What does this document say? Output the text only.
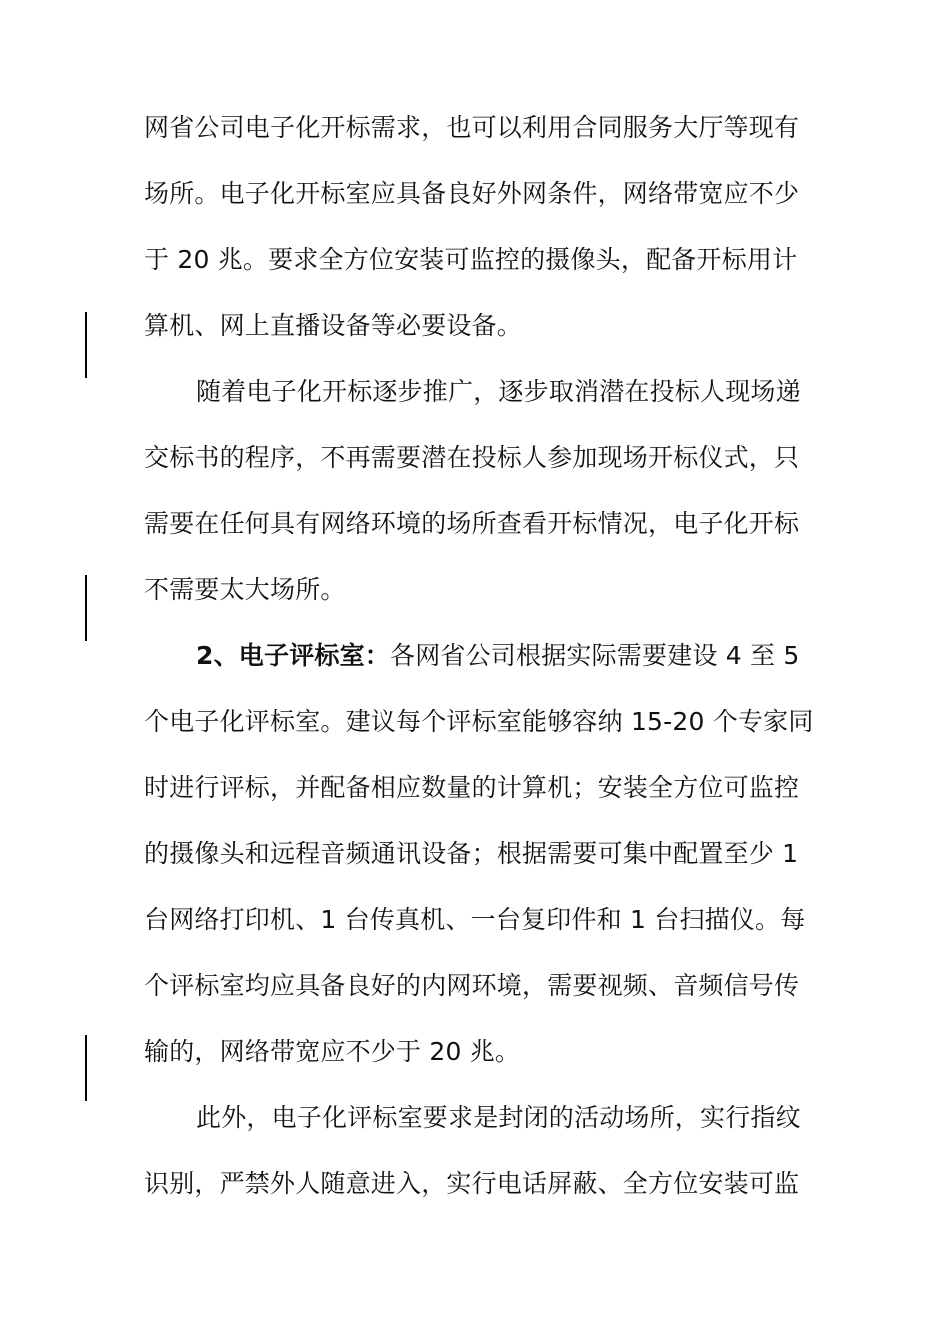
网省公司电子化开标需求，也可以利用合同服务大厅等现有
场所。电子化开标室应具备良好外网条件，网络带宽应不少
于 20 兆。要求全方位安装可监控的摄像头，配备开标用计
算机、网上直播设备等必要设备。
随着电子化开标逐步推广，逐步取消潜在投标人现场递
交标书的程序，不再需要潜在投标人参加现场开标仪式，只
需要在任何具有网络环境的场所查看开标情况，电子化开标
不需要太大场所。
2、电子评标室：各网省公司根据实际需要建设 4 至 5
个电子化评标室。建议每个评标室能够容纳 15-20 个专家同
时进行评标，并配备相应数量的计算机；安装全方位可监控
的摄像头和远程音频通讯设备；根据需要可集中配置至少 1
台网络打印机、1 台传真机、一台复印件和 1 台扫描仪。每
个评标室均应具备良好的内网环境，需要视频、音频信号传
输的，网络带宽应不少于 20 兆。
此外，电子化评标室要求是封闭的活动场所，实行指纹
识别，严禁外人随意进入，实行电话屏蔽、全方位安装可监
